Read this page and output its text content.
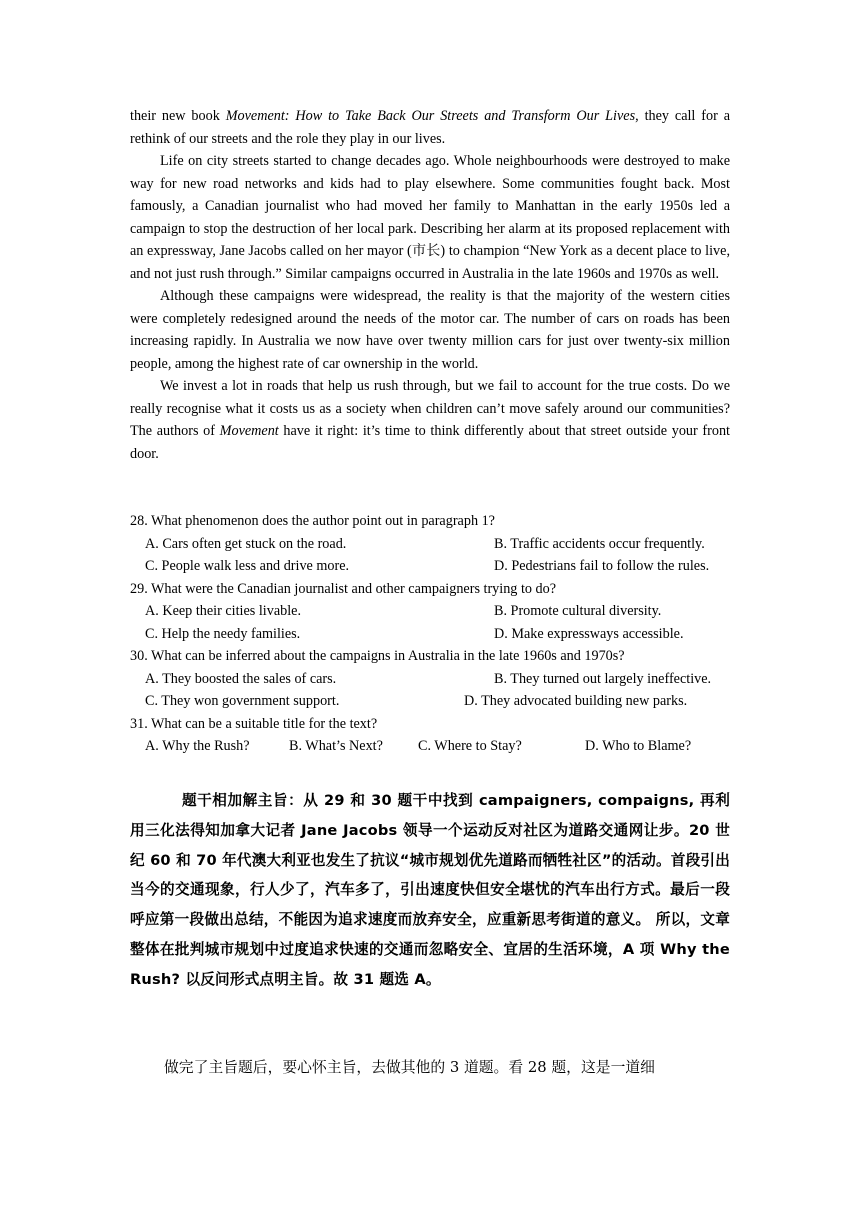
their new book Movement: How to Take Back Our Streets and Transform Our Lives, they call for a rethink of our streets and the role they play in our lives.

Life on city streets started to change decades ago. Whole neighbourhoods were destroyed to make way for new road networks and kids had to play elsewhere. Some communities fought back. Most famously, a Canadian journalist who had moved her family to Manhattan in the early 1950s led a campaign to stop the destruction of her local park. Describing her alarm at its proposed replacement with an expressway, Jane Jacobs called on her mayor (市长) to champion “New York as a decent place to live, and not just rush through.” Similar campaigns occurred in Australia in the late 1960s and 1970s as well.

Although these campaigns were widespread, the reality is that the majority of the western cities were completely redesigned around the needs of the motor car. The number of cars on roads has been increasing rapidly. In Australia we now have over twenty million cars for just over twenty-six million people, among the highest rate of car ownership in the world.

We invest a lot in roads that help us rush through, but we fail to account for the true costs. Do we really recognise what it costs us as a society when children can’t move safely around our communities? The authors of Movement have it right: it’s time to think differently about that street outside your front door.

28. What phenomenon does the author point out in paragraph 1?

A. Cars often get stuck on the road.	B. Traffic accidents occur frequently.
C. People walk less and drive more.	D. Pedestrians fail to follow the rules.

29. What were the Canadian journalist and other campaigners trying to do?

A. Keep their cities livable.	B. Promote cultural diversity.
C. Help the needy families.	D. Make expressways accessible.

30. What can be inferred about the campaigns in Australia in the late 1960s and 1970s?

A. They boosted the sales of cars.	B. They turned out largely ineffective.
C. They won government support.	D. They advocated building new parks.

31. What can be a suitable title for the text?

A. Why the Rush?	B. What’s Next? C. Where to Stay?	D. Who to Blame?

题干相加解主旨：从 29 和 30 题干中找到 campaigners, compaigns, 再利用三化法得知加拿大记者 Jane Jacobs 领导一个运动反对社区为道路交通网让步。20 世纪 60 和 70 年代澳大利亚也发生了抗议“城市规划优先道路而牺牲社区”的活动。首段引出当今的交通现象，行人少了，汽车多了，引出速度快但安全堪忧的汽车出行方式。最后一段呼应第一段做出总结，不能因为追求速度而放弃安全，应重新思考街道的意义。 所以，文章整体在批判城市规划中过度追求快速的交通而忽略安全、宜居的生活环境，A 项 Why the Rush? 以反问形式点明主旨。故 31 题选 A。

做完了主旨题后，要心怀主旨，去做其他的 3 道题。看 28 题，这是一道细
